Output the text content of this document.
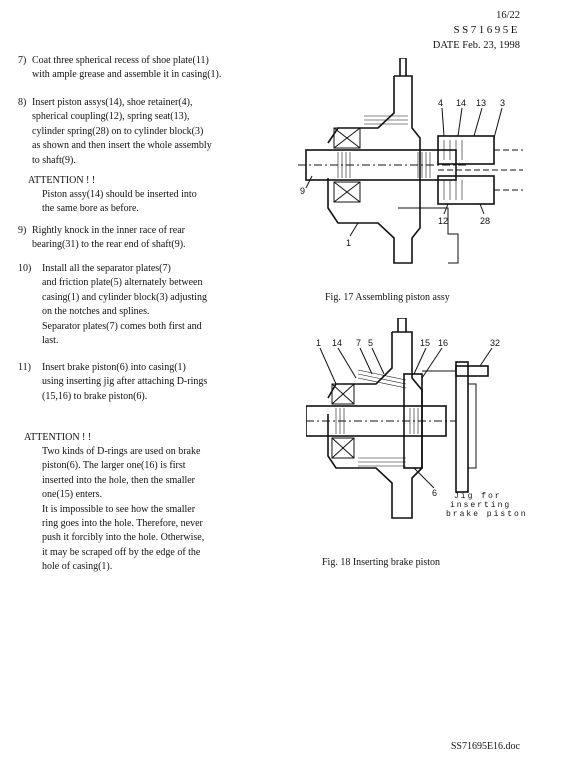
16/22
SS71695E
DATE Feb. 23, 1998
7) Coat three spherical recess of shoe plate(11)
with ample grease and assemble it in casing(1).
8) Insert piston assys(14), shoe retainer(4),
spherical coupling(12), spring seat(13),
cylinder spring(28) on to cylinder block(3)
as shown and then insert the whole assembly
to shaft(9).
ATTENTION ! !
Piston assy(14) should be inserted into
the same bore as before.
9) Rightly knock in the inner race of rear
bearing(31) to the rear end of shaft(9).
10)	Install all the separator plates(7)
and friction plate(5) alternately between
casing(1) and cylinder block(3) adjusting
on the notches and splines.
Separator plates(7) comes both first and
last.
11)	Insert brake piston(6) into casing(1)
using inserting jig after attaching D-rings
(15,16) to brake piston(6).
ATTENTION ! !
Two kinds of D-rings are used on brake
piston(6). The larger one(16) is first
inserted into the hole, then the smaller
one(15) enters.
It is impossible to see how the smaller
ring goes into the hole. Therefore, never
push it forcibly into the hole. Otherwise,
it may be scraped off by the edge of the
hole of casing(1).
4 14 13 3
9
12	28
1
Fig. 17 Assembling piston assy
1 14 7 5	15 16	32
6 Jig for
inserting
brake piston
Fig. 18 Inserting brake piston
SS71695E16.doc
